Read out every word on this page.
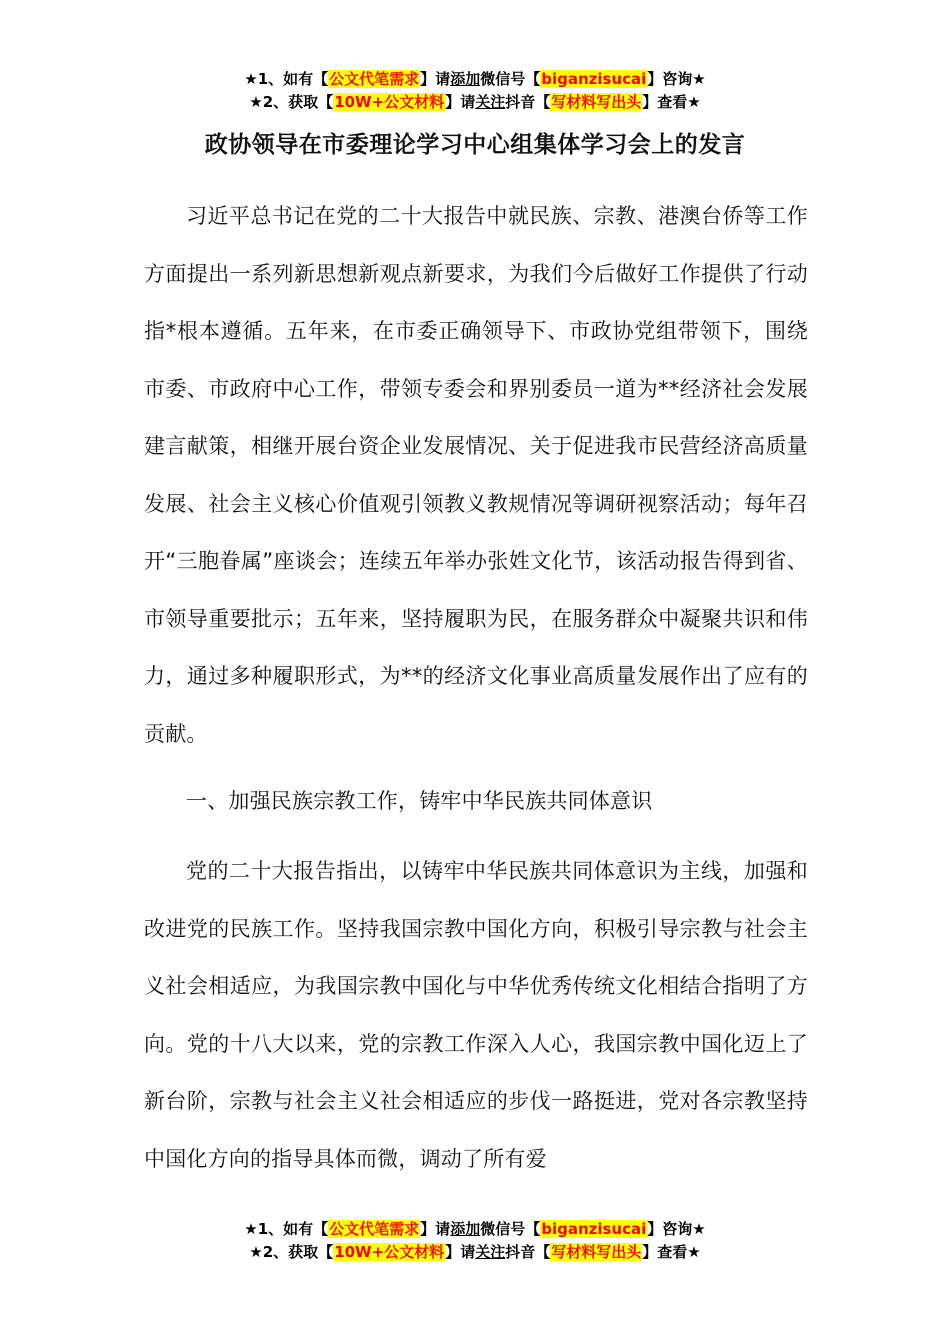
★1、如有【公文代笔需求】请添加微信号【biganzisucai】咨询★
★2、获取【10W+公文材料】请关注抖音【写材料写出头】查看★
政协领导在市委理论学习中心组集体学习会上的发言

习近平总书记在党的二十大报告中就民族、宗教、港澳台侨等工作方面提出一系列新思想新观点新要求，为我们今后做好工作提供了行动指*根本遵循。五年来，在市委正确领导下、市政协党组带领下，围绕市委、市政府中心工作，带领专委会和界别委员一道为**经济社会发展建言献策，相继开展台资企业发展情况、关于促进我市民营经济高质量发展、社会主义核心价值观引领教义教规情况等调研视察活动；每年召开“三胞眷属”座谈会；连续五年举办张姓文化节，该活动报告得到省、市领导重要批示；五年来，坚持履职为民，在服务群众中凝聚共识和伟力，通过多种履职形式，为**的经济文化事业高质量发展作出了应有的贡献。

一、加强民族宗教工作，铸牢中华民族共同体意识

党的二十大报告指出，以铸牢中华民族共同体意识为主线，加强和改进党的民族工作。坚持我国宗教中国化方向，积极引导宗教与社会主义社会相适应，为我国宗教中国化与中华优秀传统文化相结合指明了方向。党的十八大以来，党的宗教工作深入人心，我国宗教中国化迈上了新台阶，宗教与社会主义社会相适应的步伐一路挺进，党对各宗教坚持中国化方向的指导具体而微，调动了所有爱

★1、如有【公文代笔需求】请添加微信号【biganzisucai】咨询★
★2、获取【10W+公文材料】请关注抖音【写材料写出头】查看★
